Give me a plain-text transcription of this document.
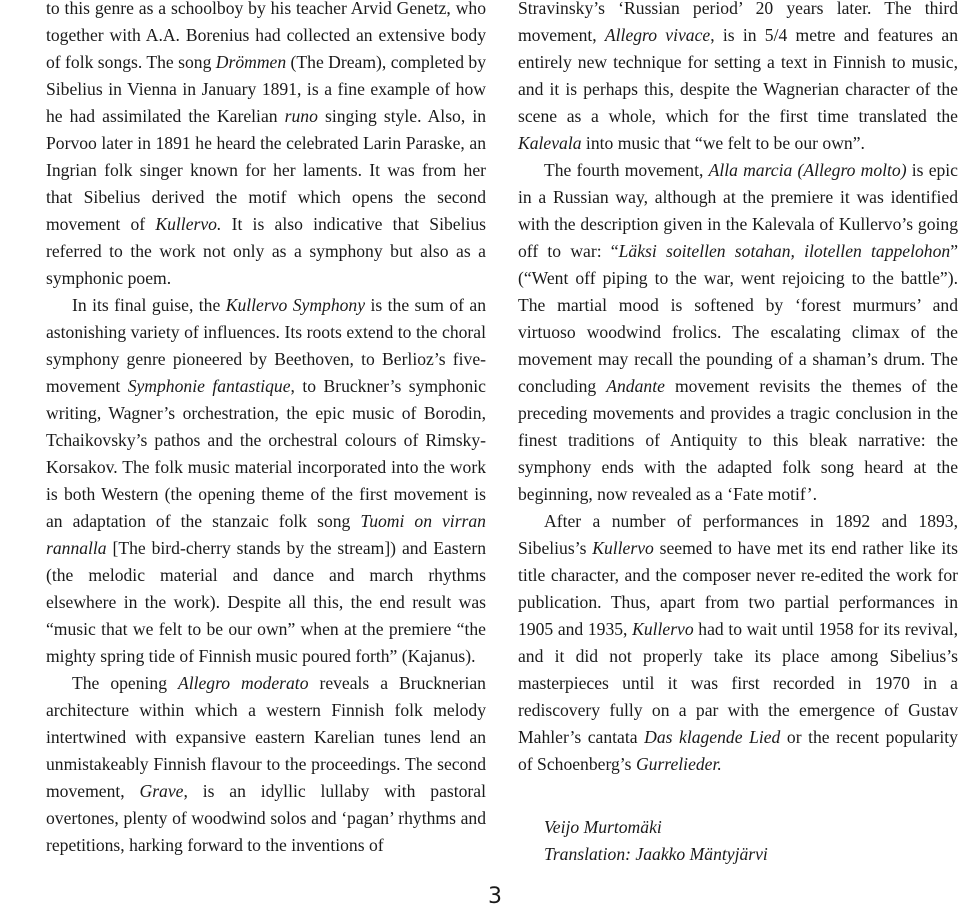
to this genre as a schoolboy by his teacher Arvid Genetz, who together with A.A. Borenius had collected an extensive body of folk songs. The song Drömmen (The Dream), completed by Sibelius in Vienna in January 1891, is a fine example of how he had assimilated the Karelian runo singing style. Also, in Porvoo later in 1891 he heard the celebrated Larin Paraske, an Ingrian folk singer known for her laments. It was from her that Sibelius derived the motif which opens the second movement of Kullervo. It is also indicative that Sibelius referred to the work not only as a symphony but also as a symphonic poem.

In its final guise, the Kullervo Symphony is the sum of an astonishing variety of influences. Its roots extend to the choral symphony genre pioneered by Beethoven, to Berlioz’s five-movement Symphonie fantastique, to Bruckner’s symphonic writing, Wagner’s orchestration, the epic music of Borodin, Tchaikovsky’s pathos and the orchestral colours of Rimsky-Korsakov. The folk music material incorporated into the work is both Western (the opening theme of the first movement is an adaptation of the stanzaic folk song Tuomi on virran rannalla [The bird-cherry stands by the stream]) and Eastern (the melodic material and dance and march rhythms elsewhere in the work). Despite all this, the end result was “music that we felt to be our own” when at the premiere “the mighty spring tide of Finnish music poured forth” (Kajanus).

The opening Allegro moderato reveals a Brucknerian architecture within which a western Finnish folk melody intertwined with expansive eastern Karelian tunes lend an unmistakeably Finnish flavour to the proceedings. The second movement, Grave, is an idyllic lullaby with pastoral overtones, plenty of woodwind solos and ‘pagan’ rhythms and repetitions, harking forward to the inventions of

Stravinsky’s ‘Russian period’ 20 years later. The third movement, Allegro vivace, is in 5/4 metre and features an entirely new technique for setting a text in Finnish to music, and it is perhaps this, despite the Wagnerian character of the scene as a whole, which for the first time translated the Kalevala into music that “we felt to be our own”.

The fourth movement, Alla marcia (Allegro molto) is epic in a Russian way, although at the premiere it was identified with the description given in the Kalevala of Kullervo’s going off to war: “Läksi soitellen sotahan, ilotellen tappelohon” (“Went off piping to the war, went rejoicing to the battle”). The martial mood is softened by ‘forest murmurs’ and virtuoso woodwind frolics. The escalating climax of the movement may recall the pounding of a shaman’s drum. The concluding Andante movement revisits the themes of the preceding movements and provides a tragic conclusion in the finest traditions of Antiquity to this bleak narrative: the symphony ends with the adapted folk song heard at the beginning, now revealed as a ‘Fate motif’.

After a number of performances in 1892 and 1893, Sibelius’s Kullervo seemed to have met its end rather like its title character, and the composer never re-edited the work for publication. Thus, apart from two partial performances in 1905 and 1935, Kullervo had to wait until 1958 for its revival, and it did not properly take its place among Sibelius’s masterpieces until it was first recorded in 1970 in a rediscovery fully on a par with the emergence of Gustav Mahler’s cantata Das klagende Lied or the recent popularity of Schoenberg’s Gurrelieder.

Veijo Murtomäki
Translation: Jaakko Mäntyjärvi

3
